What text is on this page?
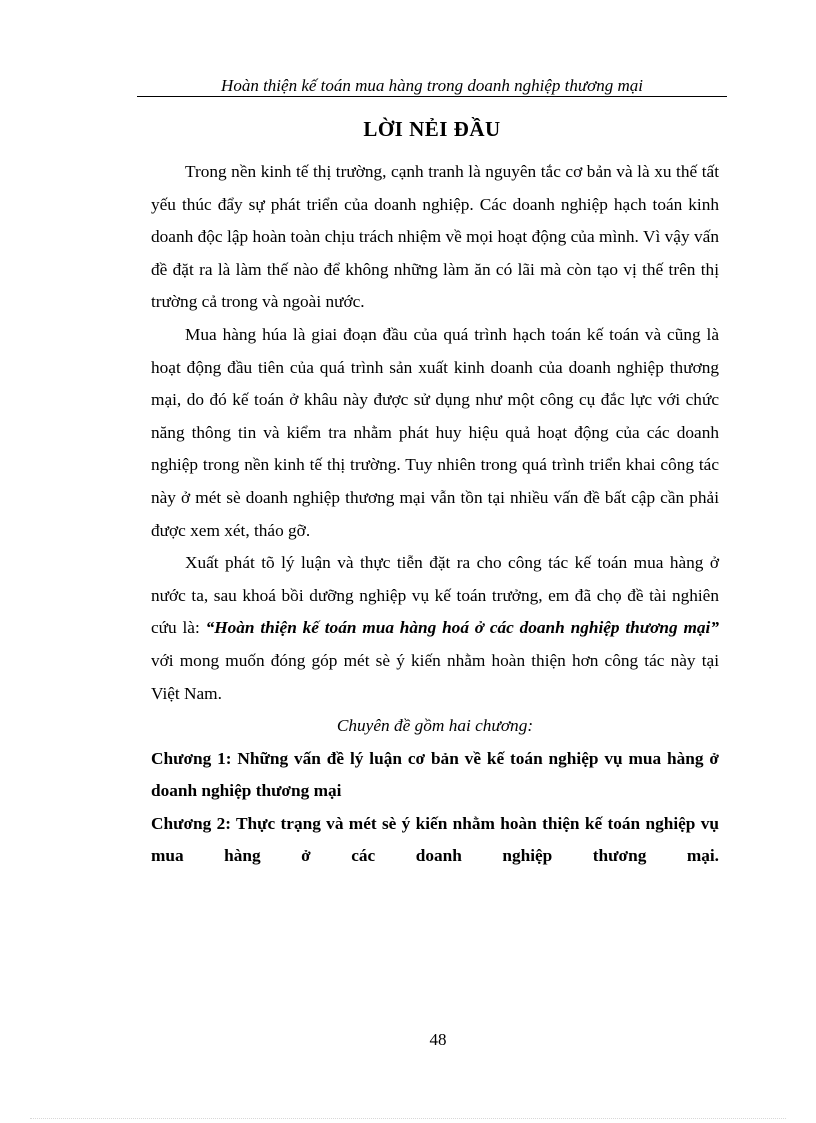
Hoàn thiện kế toán mua hàng trong doanh nghiệp thương mại
LỜI NẺI ĐẦU

Trong nền kinh tế thị trường, cạnh tranh là nguyên tắc cơ bản và là xu thế tất yếu thúc đẩy sự phát triển của doanh nghiệp. Các doanh nghiệp hạch toán kinh doanh độc lập hoàn toàn chịu trách nhiệm về mọi hoạt động của mình. Vì vậy vấn đề đặt ra là làm thế nào để không những làm ăn có lãi mà còn tạo vị thế trên thị trường cả trong và ngoài nước.

Mua hàng húa là giai đoạn đầu của quá trình hạch toán kế toán và cũng là hoạt động đầu tiên của quá trình sản xuất kinh doanh của doanh nghiệp thương mại, do đó kế toán ở khâu này được sử dụng như một công cụ đắc lực với chức năng thông tin và kiểm tra nhằm phát huy hiệu quả hoạt động của các doanh nghiệp trong nền kinh tế thị trường. Tuy nhiên trong quá trình triển khai công tác này ở mét sè doanh nghiệp thương mại vẫn tồn tại nhiều vấn đề bất cập cần phải được xem xét, tháo gỡ.

Xuất phát tõ lý luận và thực tiễn đặt ra cho công tác kế toán mua hàng ở nước ta, sau khoá bồi dưỡng nghiệp vụ kế toán trưởng, em đã chọ đề tài nghiên cứu là: “Hoàn thiện kế toán mua hàng hoá ở các doanh nghiệp thương mại” với mong muốn đóng góp mét sè ý kiến nhằm hoàn thiện hơn công tác này tại Việt Nam.

Chuyên đề gồm hai chương:

Chương 1: Những vấn đề lý luận cơ bản về kế toán nghiệp vụ mua hàng ở doanh nghiệp thương mại

Chương 2: Thực trạng và mét sè ý kiến nhằm hoàn thiện kế toán nghiệp vụ mua hàng ở các doanh nghiệp thương mại.

48
